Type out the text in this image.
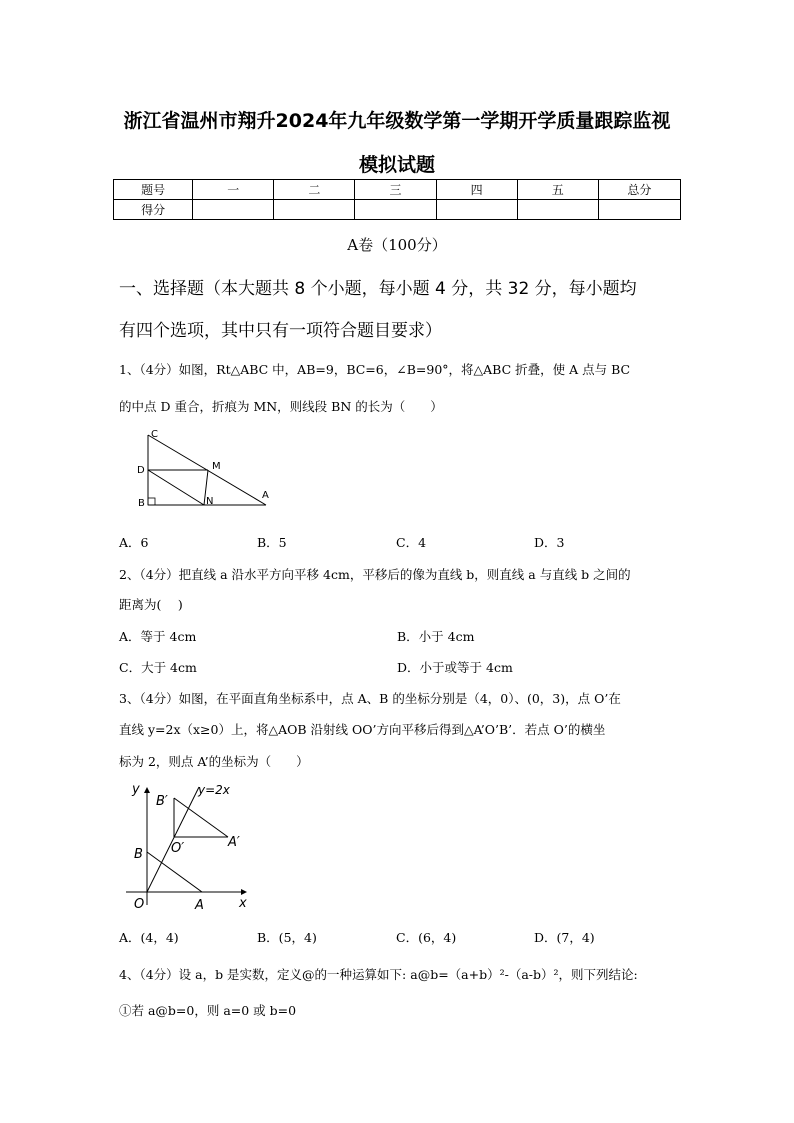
浙江省温州市翔升2024年九年级数学第一学期开学质量跟踪监视
模拟试题
题号	一	二	三	四	五	总分
得分						
A卷（100分）
一、选择题（本大题共 8 个小题，每小题 4 分，共 32 分，每小题均
有四个选项，其中只有一项符合题目要求）
1、（4分）如图，Rt△ABC 中，AB=9，BC=6，∠B=90°，将△ABC 折叠，使 A 点与 BC
的中点 D 重合，折痕为 MN，则线段 BN 的长为（　　）
C
D	M
B	N
A
A．6	B．5	C．4	D．3
2、（4分）把直线 a 沿水平方向平移 4cm，平移后的像为直线 b，则直线 a 与直线 b 之间的
距离为(　 )
A．等于 4cm	B．小于 4cm
C．大于 4cm	D．小于或等于 4cm
3、（4分）如图，在平面直角坐标系中，点 A、B 的坐标分别是（4，0）、(0，3)，点 O’在
直线 y=2x（x≥0）上，将△AOB 沿射线 OO’方向平移后得到△A’O’B’．若点 O’的横坐
标为 2，则点 A’的坐标为（　　）
y
x
B′
y=2x
O′	A′
B
O	A
A．(4，4)	B．(5，4)	C．(6，4)	D．(7，4)
4、（4分）设 a，b 是实数，定义@的一种运算如下: a@b=（a+b）²-（a-b）²，则下列结论:
①若 a@b=0，则 a=0 或 b=0
